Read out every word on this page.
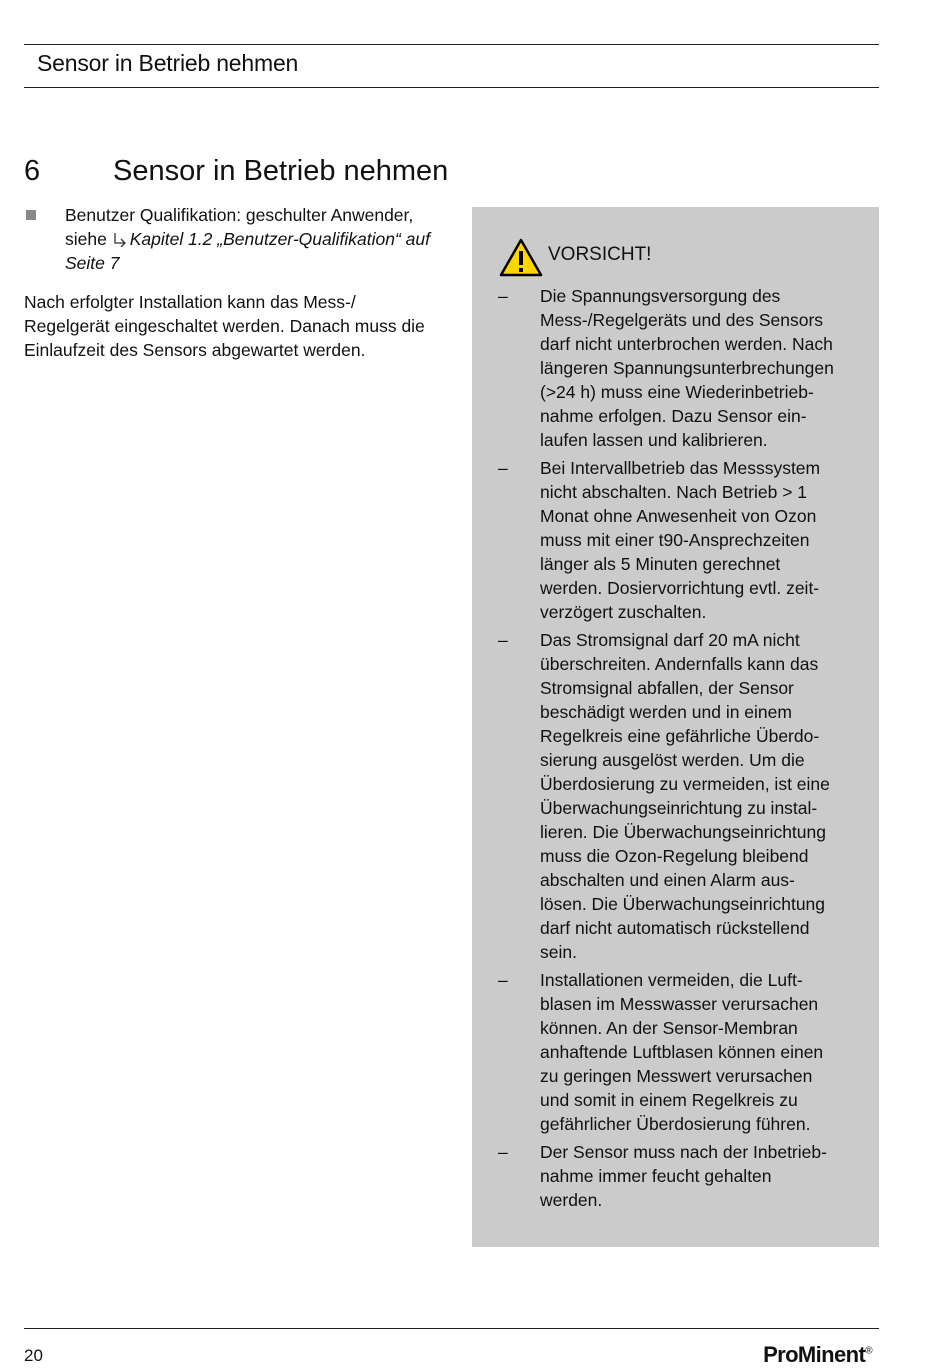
Sensor in Betrieb nehmen
6	Sensor in Betrieb nehmen
Benutzer Qualifikation: geschulter Anwender, siehe Kapitel 1.2 „Benutzer-Qualifikation“ auf Seite 7
Nach erfolgter Installation kann das Mess-/ Regelgerät eingeschaltet werden. Danach muss die Einlaufzeit des Sensors abgewartet werden.
VORSICHT!
– Die Spannungsversorgung des
Mess-/Regelgeräts und des Sensors
darf nicht unterbrochen werden. Nach
längeren Spannungsunterbrechungen
(>24 h) muss eine Wiederinbetrieb-
nahme erfolgen. Dazu Sensor ein-
laufen lassen und kalibrieren.
– Bei Intervallbetrieb das Messsystem
nicht abschalten. Nach Betrieb > 1
Monat ohne Anwesenheit von Ozon
muss mit einer t90-Ansprechzeiten
länger als 5 Minuten gerechnet
werden. Dosiervorrichtung evtl. zeit-
verzögert zuschalten.
– Das Stromsignal darf 20 mA nicht
überschreiten. Andernfalls kann das
Stromsignal abfallen, der Sensor
beschädigt werden und in einem
Regelkreis eine gefährliche Überdo-
sierung ausgelöst werden. Um die
Überdosierung zu vermeiden, ist eine
Überwachungseinrichtung zu instal-
lieren. Die Überwachungseinrichtung
muss die Ozon-Regelung bleibend
abschalten und einen Alarm aus-
lösen. Die Überwachungseinrichtung
darf nicht automatisch rückstellend
sein.
– Installationen vermeiden, die Luft-
blasen im Messwasser verursachen
können. An der Sensor-Membran
anhaftende Luftblasen können einen
zu geringen Messwert verursachen
und somit in einem Regelkreis zu
gefährlicher Überdosierung führen.
– Der Sensor muss nach der Inbetrieb-
nahme immer feucht gehalten
werden.
20	ProMinent®
